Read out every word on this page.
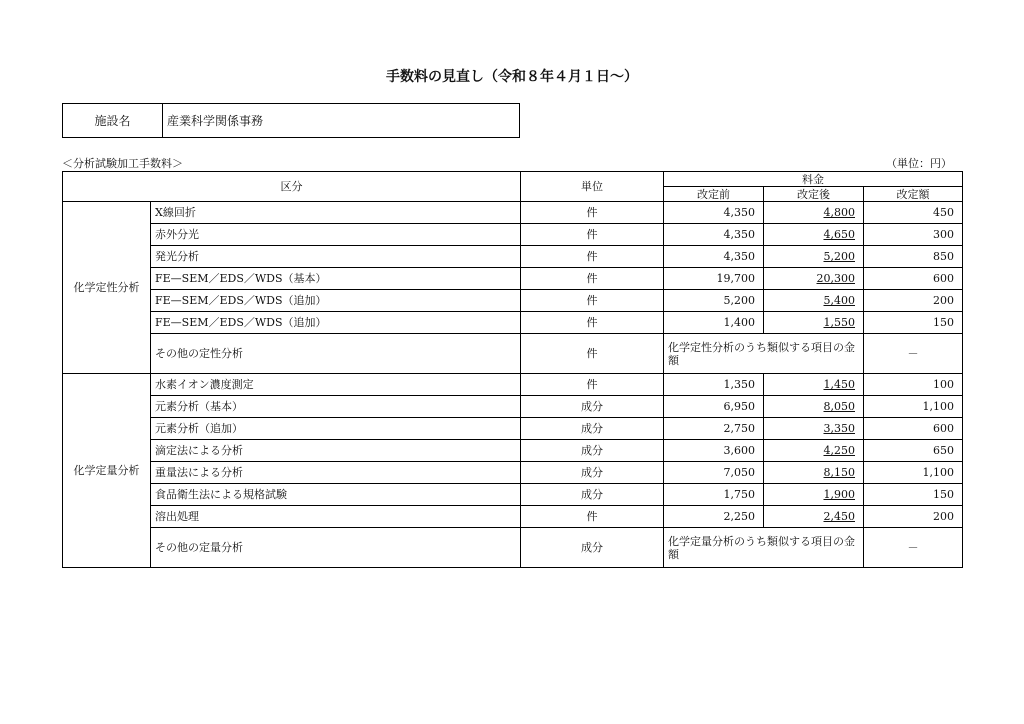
手数料の見直し（令和８年４月１日〜）
施設名	産業科学関係事務
＜分析試験加工手数料＞	（単位：円）
区分		単位	料金		
			改定前	改定後	改定額
化学定性分析	X線回折	件	4,350	4,800	450
	赤外分光	件	4,350	4,650	300
	発光分析	件	4,350	5,200	850
	FE—SEM／EDS／WDS（基本）	件	19,700	20,300	600
	FE—SEM／EDS／WDS（追加）	件	5,200	5,400	200
	FE—SEM／EDS／WDS（追加）	件	1,400	1,550	150
	その他の定性分析	件	化学定性分析のうち類似する項目の金額		－
化学定量分析	水素イオン濃度測定	件	1,350	1,450	100
	元素分析（基本）	成分	6,950	8,050	1,100
	元素分析（追加）	成分	2,750	3,350	600
	滴定法による分析	成分	3,600	4,250	650
	重量法による分析	成分	7,050	8,150	1,100
	食品衛生法による規格試験	成分	1,750	1,900	150
	溶出処理	件	2,250	2,450	200
	その他の定量分析	成分	化学定量分析のうち類似する項目の金額		－
